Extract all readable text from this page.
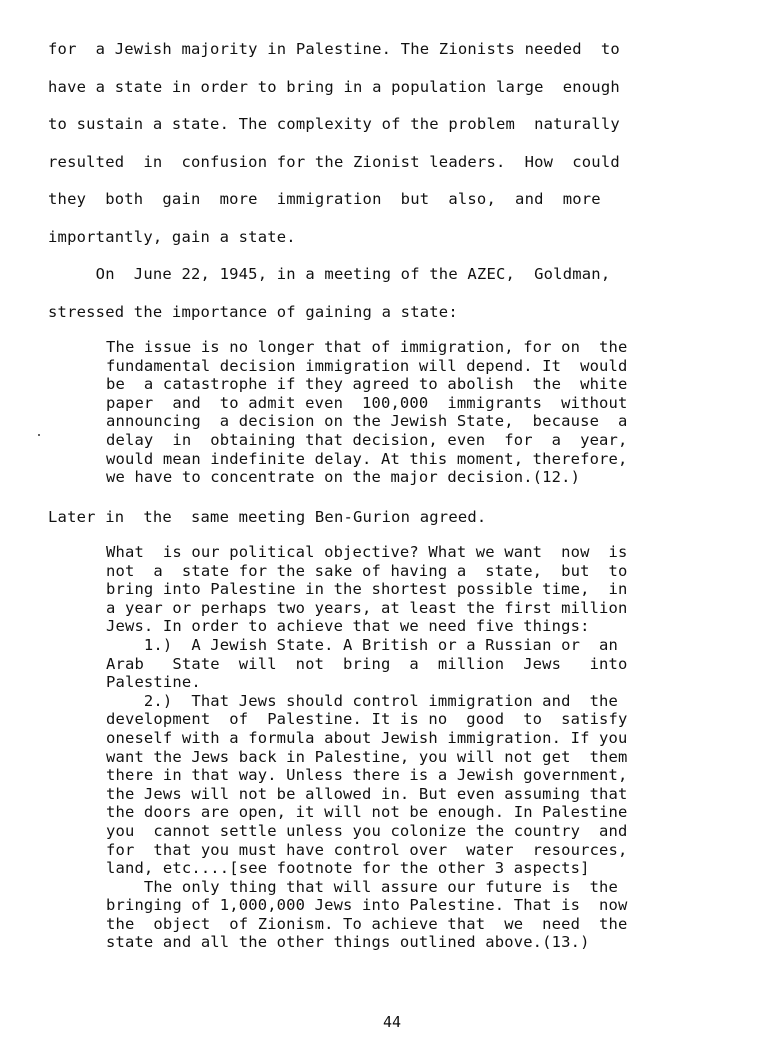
for  a Jewish majority in Palestine. The Zionists needed  to
have a state in order to bring in a population large  enough
to sustain a state. The complexity of the problem  naturally
resulted  in  confusion for the Zionist leaders.  How  could
they  both  gain  more  immigration  but  also,  and  more
importantly, gain a state.
On  June 22, 1945, in a meeting of the AZEC,  Goldman,
stressed the importance of gaining a state:
The issue is no longer that of immigration, for on  the
fundamental decision immigration will depend. It  would
be  a catastrophe if they agreed to abolish  the  white
paper  and  to admit even  100,000  immigrants  without
announcing  a decision on the Jewish State,  because  a
delay  in  obtaining that decision, even  for  a  year,
would mean indefinite delay. At this moment, therefore,
we have to concentrate on the major decision.(12.)
Later in  the  same meeting Ben-Gurion agreed.
What  is our political objective? What we want  now  is
not  a  state for the sake of having a  state,  but  to
bring into Palestine in the shortest possible time,  in
a year or perhaps two years, at least the first million
Jews. In order to achieve that we need five things:
1.)  A Jewish State. A British or a Russian or  an
Arab   State  will  not  bring  a  million  Jews   into
Palestine.
2.)  That Jews should control immigration and  the
development  of  Palestine. It is no  good  to  satisfy
oneself with a formula about Jewish immigration. If you
want the Jews back in Palestine, you will not get  them
there in that way. Unless there is a Jewish government,
the Jews will not be allowed in. But even assuming that
the doors are open, it will not be enough. In Palestine
you  cannot settle unless you colonize the country  and
for  that you must have control over  water  resources,
land, etc....[see footnote for the other 3 aspects]
The only thing that will assure our future is  the
bringing of 1,000,000 Jews into Palestine. That is  now
the  object  of Zionism. To achieve that  we  need  the
state and all the other things outlined above.(13.)
44
